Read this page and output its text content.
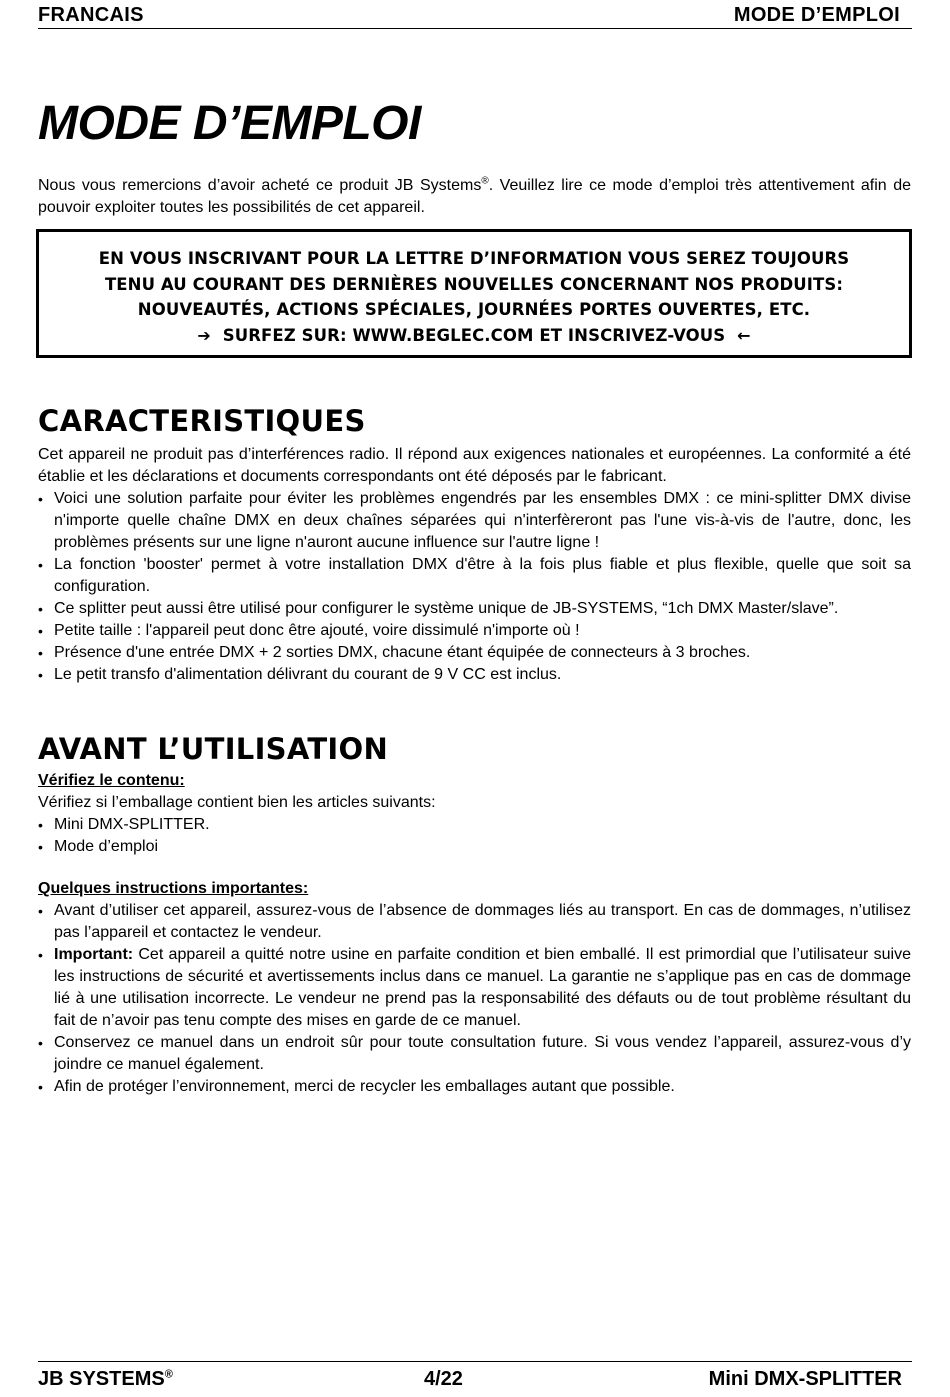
FRANCAIS	MODE D’EMPLOI
MODE D’EMPLOI

Nous vous remercions d’avoir acheté ce produit JB Systems®. Veuillez lire ce mode d’emploi très attentivement afin de pouvoir exploiter toutes les possibilités de cet appareil.

EN VOUS INSCRIVANT POUR LA LETTRE D’INFORMATION VOUS SEREZ TOUJOURS
TENU AU COURANT DES DERNIÈRES NOUVELLES CONCERNANT NOS PRODUITS:
NOUVEAUTÉS, ACTIONS SPÉCIALES, JOURNÉES PORTES OUVERTES, ETC.
➔ SURFEZ SUR: WWW.BEGLEC.COM ET INSCRIVEZ-VOUS ←
CARACTERISTIQUES

Cet appareil ne produit pas d’interférences radio. Il répond aux exigences nationales et européennes. La conformité a été établie et les déclarations et documents correspondants ont été déposés par le fabricant.

• Voici une solution parfaite pour éviter les problèmes engendrés par les ensembles DMX : ce mini-splitter DMX divise n'importe quelle chaîne DMX en deux chaînes séparées qui n'interfèreront pas l'une vis-à-vis de l'autre, donc, les problèmes présents sur une ligne n'auront aucune influence sur l'autre ligne !
• La fonction 'booster' permet à votre installation DMX d'être à la fois plus fiable et plus flexible, quelle que soit sa configuration.
• Ce splitter peut aussi être utilisé pour configurer le système unique de JB-SYSTEMS, “1ch DMX Master/slave”.
• Petite taille : l'appareil peut donc être ajouté, voire dissimulé n'importe où !
• Présence d'une entrée DMX + 2 sorties DMX, chacune étant équipée de connecteurs à 3 broches.
• Le petit transfo d'alimentation délivrant du courant de 9 V CC est inclus.
AVANT L’UTILISATION

Vérifiez le contenu:

Vérifiez si l’emballage contient bien les articles suivants:

• Mini DMX-SPLITTER.
• Mode d’emploi

Quelques instructions importantes:

• Avant d’utiliser cet appareil, assurez-vous de l’absence de dommages liés au transport. En cas de dommages, n’utilisez pas l’appareil et contactez le vendeur.
• Important: Cet appareil a quitté notre usine en parfaite condition et bien emballé. Il est primordial que l’utilisateur suive les instructions de sécurité et avertissements inclus dans ce manuel. La garantie ne s’applique pas en cas de dommage lié à une utilisation incorrecte. Le vendeur ne prend pas la responsabilité des défauts ou de tout problème résultant du fait de n’avoir pas tenu compte des mises en garde de ce manuel.
• Conservez ce manuel dans un endroit sûr pour toute consultation future. Si vous vendez l’appareil, assurez-vous d’y joindre ce manuel également.
• Afin de protéger l’environnement, merci de recycler les emballages autant que possible.
JB SYSTEMS®	4/22	Mini DMX-SPLITTER
